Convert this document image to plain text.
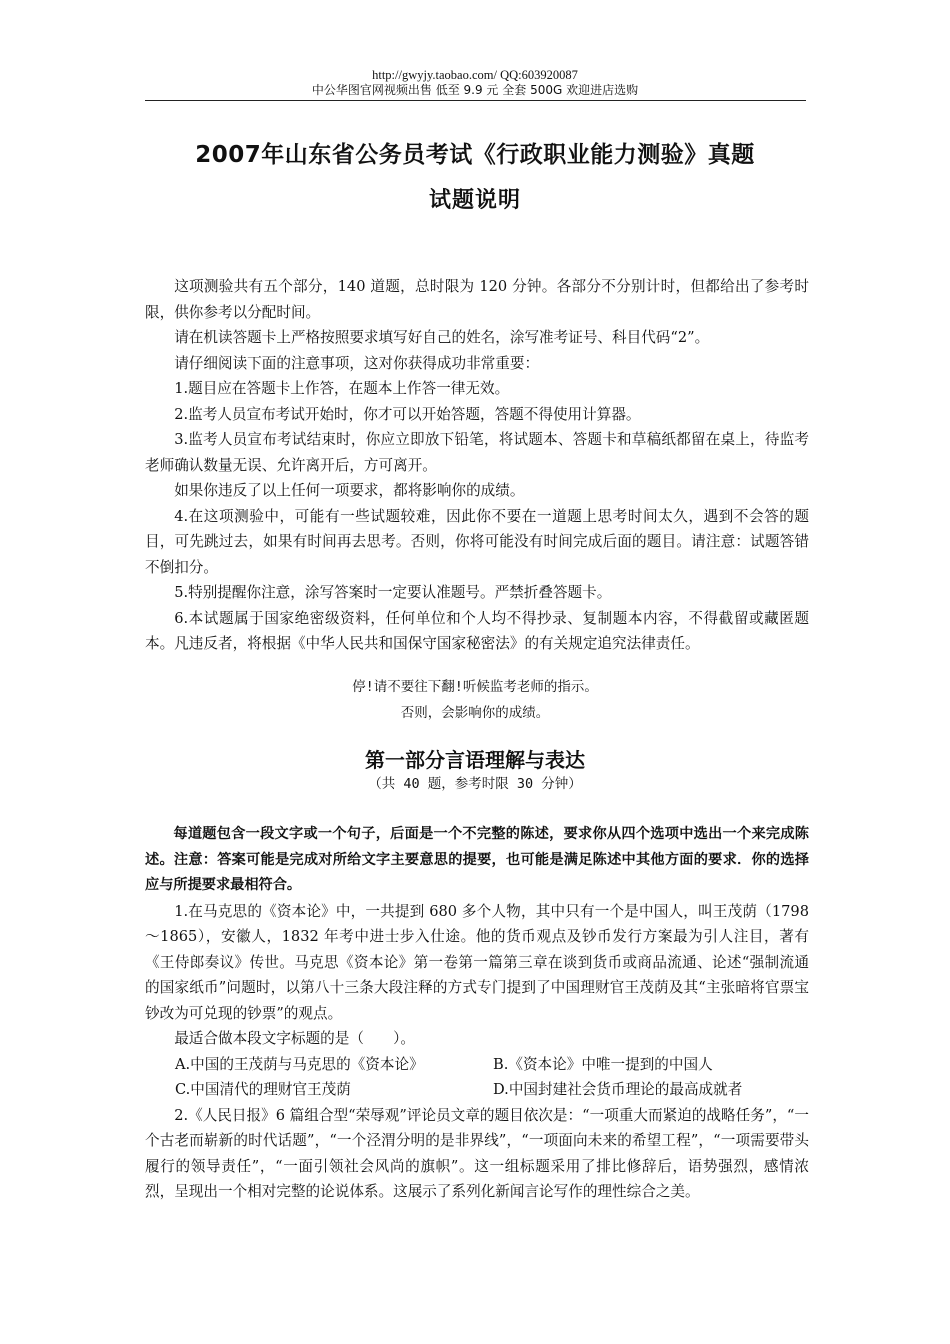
http://gwyjy.taobao.com/ QQ:603920087
中公华图官网视频出售 低至 9.9 元 全套 500G 欢迎进店选购
2007年山东省公务员考试《行政职业能力测验》真题
试题说明

这项测验共有五个部分，140 道题，总时限为 120 分钟。各部分不分别计时，但都给出了参考时限，供你参考以分配时间。

请在机读答题卡上严格按照要求填写好自己的姓名，涂写准考证号、科目代码“2”。

请仔细阅读下面的注意事项，这对你获得成功非常重要：

1.题目应在答题卡上作答，在题本上作答一律无效。

2.监考人员宣布考试开始时，你才可以开始答题，答题不得使用计算器。

3.监考人员宣布考试结束时，你应立即放下铅笔，将试题本、答题卡和草稿纸都留在桌上，待监考老师确认数量无误、允许离开后，方可离开。

如果你违反了以上任何一项要求，都将影响你的成绩。

4.在这项测验中，可能有一些试题较难，因此你不要在一道题上思考时间太久，遇到不会答的题目，可先跳过去，如果有时间再去思考。否则，你将可能没有时间完成后面的题目。请注意：试题答错不倒扣分。

5.特别提醒你注意，涂写答案时一定要认准题号。严禁折叠答题卡。

6.本试题属于国家绝密级资料，任何单位和个人均不得抄录、复制题本内容，不得截留或藏匿题本。凡违反者，将根据《中华人民共和国保守国家秘密法》的有关规定追究法律责任。

停!请不要往下翻!听候监考老师的指示。
否则，会影响你的成绩。
第一部分言语理解与表达
（共 40 题，参考时限 30 分钟）

每道题包含一段文字或一个句子，后面是一个不完整的陈述，要求你从四个选项中选出一个来完成陈述。注意：答案可能是完成对所给文字主要意思的提要，也可能是满足陈述中其他方面的要求．你的选择应与所提要求最相符合。

1.在马克思的《资本论》中，一共提到 680 多个人物，其中只有一个是中国人，叫王茂荫（1798～1865），安徽人，1832 年考中进士步入仕途。他的货币观点及钞币发行方案最为引人注目，著有《王侍郎奏议》传世。马克思《资本论》第一卷第一篇第三章在谈到货币或商品流通、论述“强制流通的国家纸币”问题时，以第八十三条大段注释的方式专门提到了中国理财官王茂荫及其“主张暗将官票宝钞改为可兑现的钞票”的观点。

最适合做本段文字标题的是（　　）。

A.中国的王茂荫与马克思的《资本论》	B.《资本论》中唯一提到的中国人
C.中国清代的理财官王茂荫	D.中国封建社会货币理论的最高成就者

2.《人民日报》6 篇组合型“荣辱观”评论员文章的题目依次是：“一项重大而紧迫的战略任务”，“一个古老而崭新的时代话题”，“一个泾渭分明的是非界线”，“一项面向未来的希望工程”，“一项需要带头履行的领导责任”，“一面引领社会风尚的旗帜”。这一组标题采用了排比修辞后，语势强烈，感情浓烈，呈现出一个相对完整的论说体系。这展示了系列化新闻言论写作的理性综合之美。
